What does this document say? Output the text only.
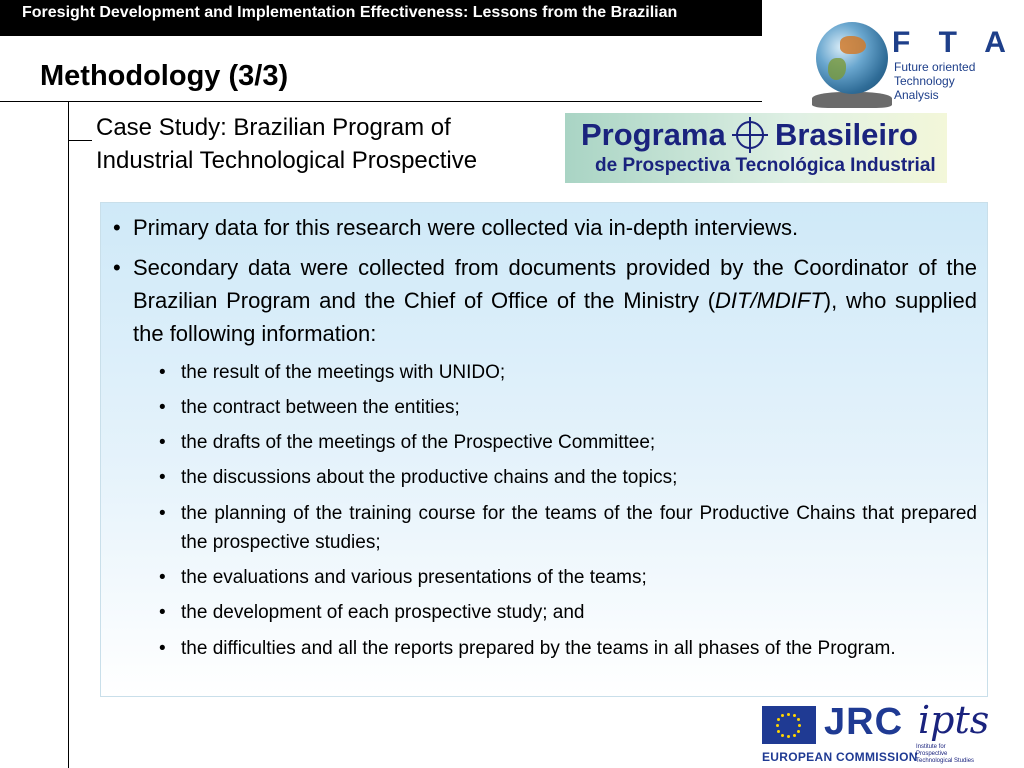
Foresight Development and Implementation Effectiveness: Lessons from the Brazilian
Methodology (3/3)
Case Study: Brazilian Program of
Industrial Technological Prospective
F T A
Future oriented
Technology
Analysis
Programa Brasileiro
de Prospectiva Tecnológica Industrial
• Primary data for this research were collected via in-depth interviews.
• Secondary data were collected from documents provided by the Coordinator of the Brazilian Program and the Chief of Office of the Ministry (DIT/MDIFT), who supplied the following information:
• the result of the meetings with UNIDO;
• the contract between the entities;
• the drafts of the meetings of the Prospective Committee;
• the discussions about the productive chains and the topics;
• the planning of the training course for the teams of the four Productive Chains that prepared the prospective studies;
• the evaluations and various presentations of the teams;
• the development of each prospective study; and
• the difficulties and all the reports prepared by the teams in all phases of the Program.
JRC
EUROPEAN COMMISSION
ipts
Institute for
Prospective
Technological Studies
